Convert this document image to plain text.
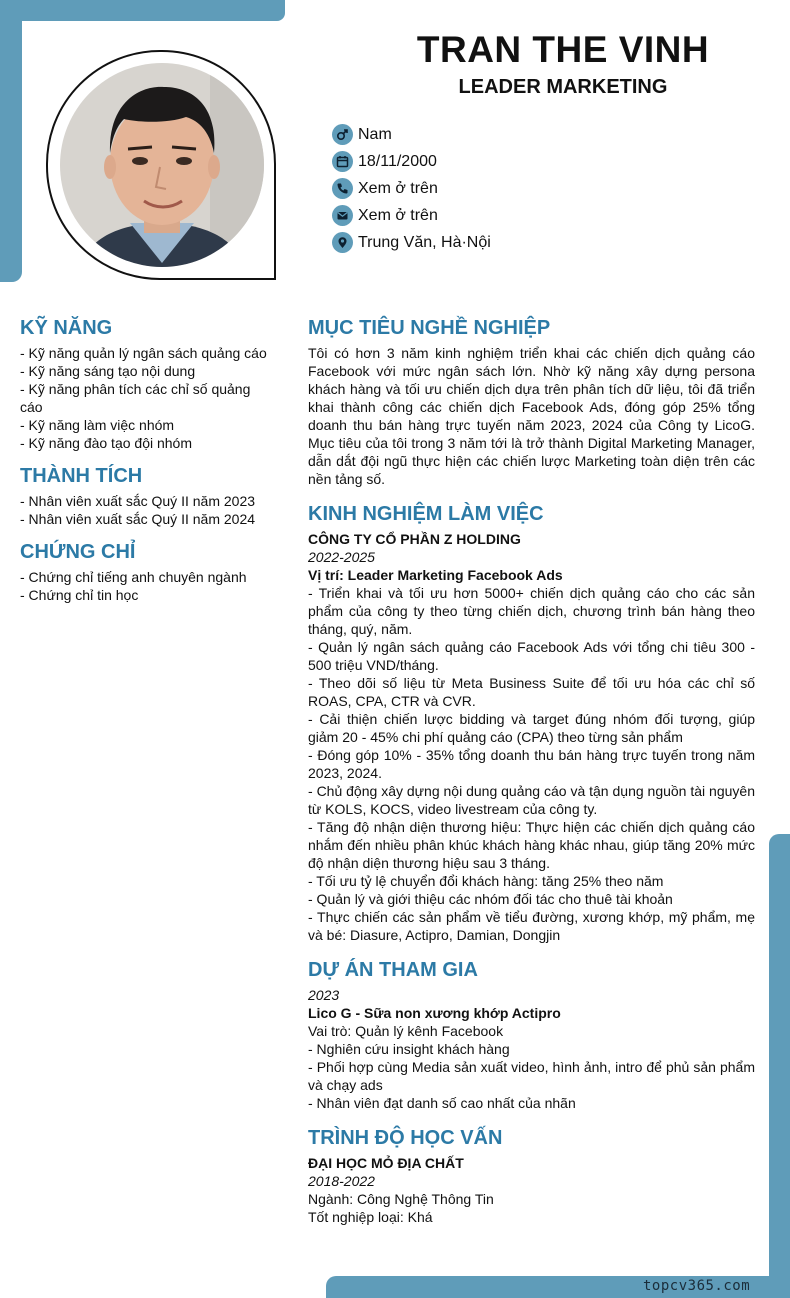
topcv365.com
TRAN THE VINH
LEADER MARKETING
Nam
18/11/2000
Xem ở trên
Xem ở trên
Trung Văn, Hà·Nội
KỸ NĂNG
- Kỹ năng quản lý ngân sách quảng cáo
- Kỹ năng sáng tạo nội dung
- Kỹ năng phân tích các chỉ số quảng cáo
- Kỹ năng làm việc nhóm
- Kỹ năng đào tạo đội nhóm
THÀNH TÍCH
- Nhân viên xuất sắc Quý II năm 2023
- Nhân viên xuất sắc Quý II năm 2024
CHỨNG CHỈ
- Chứng chỉ tiếng anh chuyên ngành
- Chứng chỉ tin học
MỤC TIÊU NGHỀ NGHIỆP
Tôi có hơn 3 năm kinh nghiệm triển khai các chiến dịch quảng cáo Facebook với mức ngân sách lớn. Nhờ kỹ năng xây dựng persona khách hàng và tối ưu chiến dịch dựa trên phân tích dữ liệu, tôi đã triển khai thành công các chiến dịch Facebook Ads, đóng góp 25% tổng doanh thu bán hàng trực tuyến năm 2023, 2024 của Công ty LicoG. Mục tiêu của tôi trong 3 năm tới là trở thành Digital Marketing Manager, dẫn dắt đội ngũ thực hiện các chiến lược Marketing toàn diện trên các nền tảng số.
KINH NGHIỆM LÀM VIỆC
CÔNG TY CỔ PHẦN Z HOLDING
2022-2025
Vị trí: Leader Marketing Facebook Ads
- Triển khai và tối ưu hơn 5000+ chiến dịch quảng cáo cho các sản phẩm của công ty theo từng chiến dịch, chương trình bán hàng theo tháng, quý, năm.
- Quản lý ngân sách quảng cáo Facebook Ads với tổng chi tiêu 300 - 500 triệu VND/tháng.
- Theo dõi số liệu từ Meta Business Suite để tối ưu hóa các chỉ số ROAS, CPA, CTR và CVR.
- Cải thiện chiến lược bidding và target đúng nhóm đối tượng, giúp giảm 20 - 45% chi phí quảng cáo (CPA) theo từng sản phẩm
- Đóng góp 10% - 35% tổng doanh thu bán hàng trực tuyến trong năm 2023, 2024.
- Chủ động xây dựng nội dung quảng cáo và tận dụng nguồn tài nguyên từ KOLS, KOCS, video livestream của công ty.
- Tăng độ nhận diện thương hiệu: Thực hiện các chiến dịch quảng cáo nhắm đến nhiều phân khúc khách hàng khác nhau, giúp tăng 20% mức độ nhận diện thương hiệu sau 3 tháng.
- Tối ưu tỷ lệ chuyển đổi khách hàng: tăng 25% theo năm
- Quản lý và giới thiệu các nhóm đối tác cho thuê tài khoản
- Thực chiến các sản phẩm về tiểu đường, xương khớp, mỹ phẩm, mẹ và bé: Diasure, Actipro, Damian, Dongjin
DỰ ÁN THAM GIA
2023
Lico G - Sữa non xương khớp Actipro
Vai trò: Quản lý kênh Facebook
- Nghiên cứu insight khách hàng
- Phối hợp cùng Media sản xuất video, hình ảnh, intro để phủ sản phẩm và chạy ads
- Nhân viên đạt danh số cao nhất của nhãn
TRÌNH ĐỘ HỌC VẤN
ĐẠI HỌC MỎ ĐỊA CHẤT
2018-2022
Ngành: Công Nghệ Thông Tin
Tốt nghiệp loại: Khá
